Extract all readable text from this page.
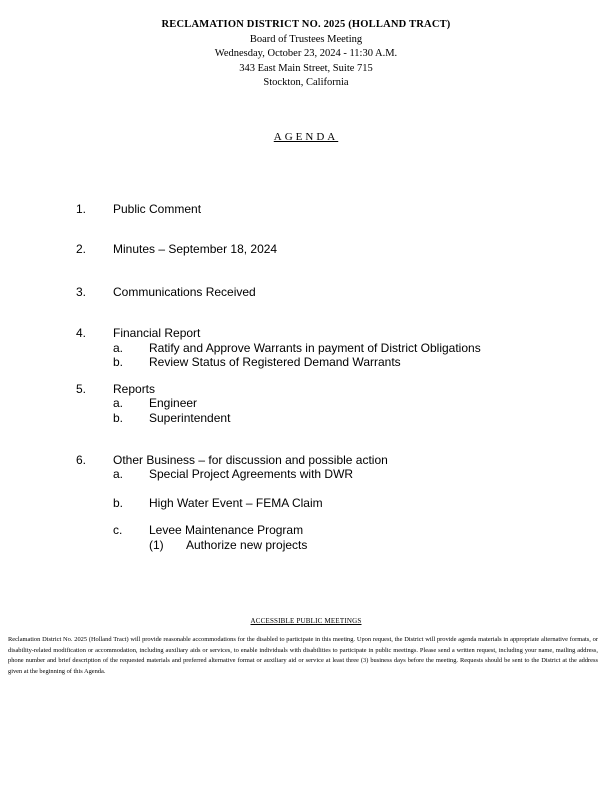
RECLAMATION DISTRICT NO. 2025 (HOLLAND TRACT)
Board of Trustees Meeting
Wednesday, October 23, 2024 - 11:30 A.M.
343 East Main Street, Suite 715
Stockton, California
AGENDA
1.	Public Comment
2.	Minutes – September 18, 2024
3.	Communications Received
4.	Financial Report
a.	Ratify and Approve Warrants in payment of District Obligations
b.	Review Status of Registered Demand Warrants
5.	Reports
a.	Engineer
b.	Superintendent
6.	Other Business – for discussion and possible action
a.	Special Project Agreements with DWR
b.	High Water Event – FEMA Claim
c.	Levee Maintenance Program
(1) Authorize new projects
ACCESSIBLE PUBLIC MEETINGS
Reclamation District No. 2025 (Holland Tract) will provide reasonable accommodations for the disabled to participate in this meeting. Upon request, the District will provide agenda materials in appropriate alternative formats, or disability-related modification or accommodation, including auxiliary aids or services, to enable individuals with disabilities to participate in public meetings. Please send a written request, including your name, mailing address, phone number and brief description of the requested materials and preferred alternative format or auxiliary aid or service at least three (3) business days before the meeting. Requests should be sent to the District at the address given at the beginning of this Agenda.
